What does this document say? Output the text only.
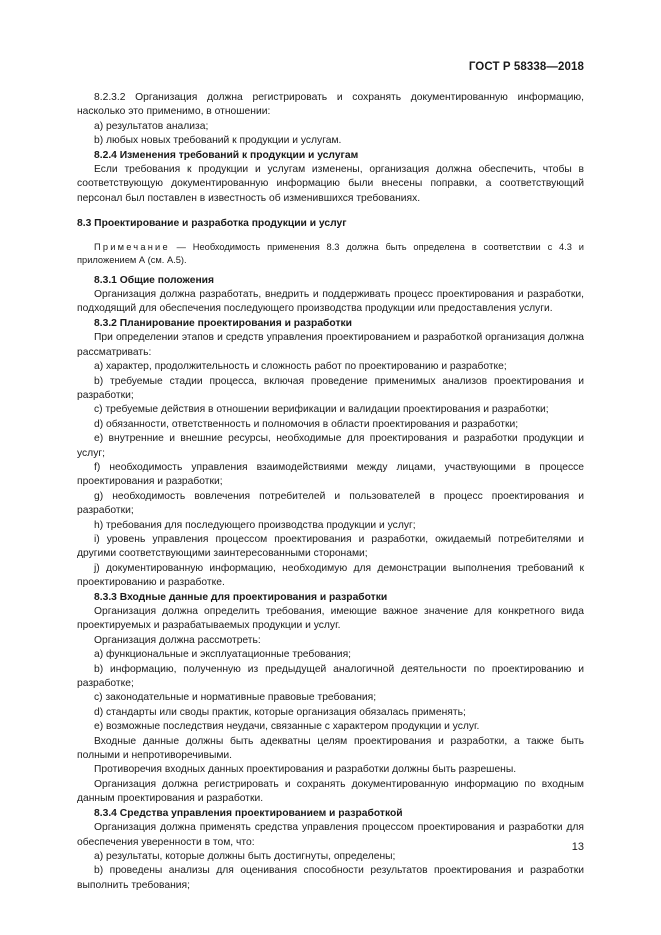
ГОСТ Р 58338—2018

8.2.3.2 Организация должна регистрировать и сохранять документированную информацию, насколько это применимо, в отношении:

a) результатов анализа;

b) любых новых требований к продукции и услугам.

8.2.4 Изменения требований к продукции и услугам

Если требования к продукции и услугам изменены, организация должна обеспечить, чтобы в соответствующую документированную информацию были внесены поправки, а соответствующий персонал был поставлен в известность об изменившихся требованиях.

8.3 Проектирование и разработка продукции и услуг

Примечание — Необходимость применения 8.3 должна быть определена в соответствии с 4.3 и приложением А (см. А.5).

8.3.1 Общие положения

Организация должна разработать, внедрить и поддерживать процесс проектирования и разработки, подходящий для обеспечения последующего производства продукции или предоставления услуги.

8.3.2 Планирование проектирования и разработки

При определении этапов и средств управления проектированием и разработкой организация должна рассматривать:

a) характер, продолжительность и сложность работ по проектированию и разработке;

b) требуемые стадии процесса, включая проведение применимых анализов проектирования и разработки;

c) требуемые действия в отношении верификации и валидации проектирования и разработки;

d) обязанности, ответственность и полномочия в области проектирования и разработки;

e) внутренние и внешние ресурсы, необходимые для проектирования и разработки продукции и услуг;

f) необходимость управления взаимодействиями между лицами, участвующими в процессе проектирования и разработки;

g) необходимость вовлечения потребителей и пользователей в процесс проектирования и разработки;

h) требования для последующего производства продукции и услуг;

i) уровень управления процессом проектирования и разработки, ожидаемый потребителями и другими соответствующими заинтересованными сторонами;

j) документированную информацию, необходимую для демонстрации выполнения требований к проектированию и разработке.

8.3.3 Входные данные для проектирования и разработки

Организация должна определить требования, имеющие важное значение для конкретного вида проектируемых и разрабатываемых продукции и услуг.

Организация должна рассмотреть:

a) функциональные и эксплуатационные требования;

b) информацию, полученную из предыдущей аналогичной деятельности по проектированию и разработке;

c) законодательные и нормативные правовые требования;

d) стандарты или своды практик, которые организация обязалась применять;

e) возможные последствия неудачи, связанные с характером продукции и услуг.

Входные данные должны быть адекватны целям проектирования и разработки, а также быть полными и непротиворечивыми.

Противоречия входных данных проектирования и разработки должны быть разрешены.

Организация должна регистрировать и сохранять документированную информацию по входным данным проектирования и разработки.

8.3.4 Средства управления проектированием и разработкой

Организация должна применять средства управления процессом проектирования и разработки для обеспечения уверенности в том, что:

a) результаты, которые должны быть достигнуты, определены;

b) проведены анализы для оценивания способности результатов проектирования и разработки выполнить требования;

13
